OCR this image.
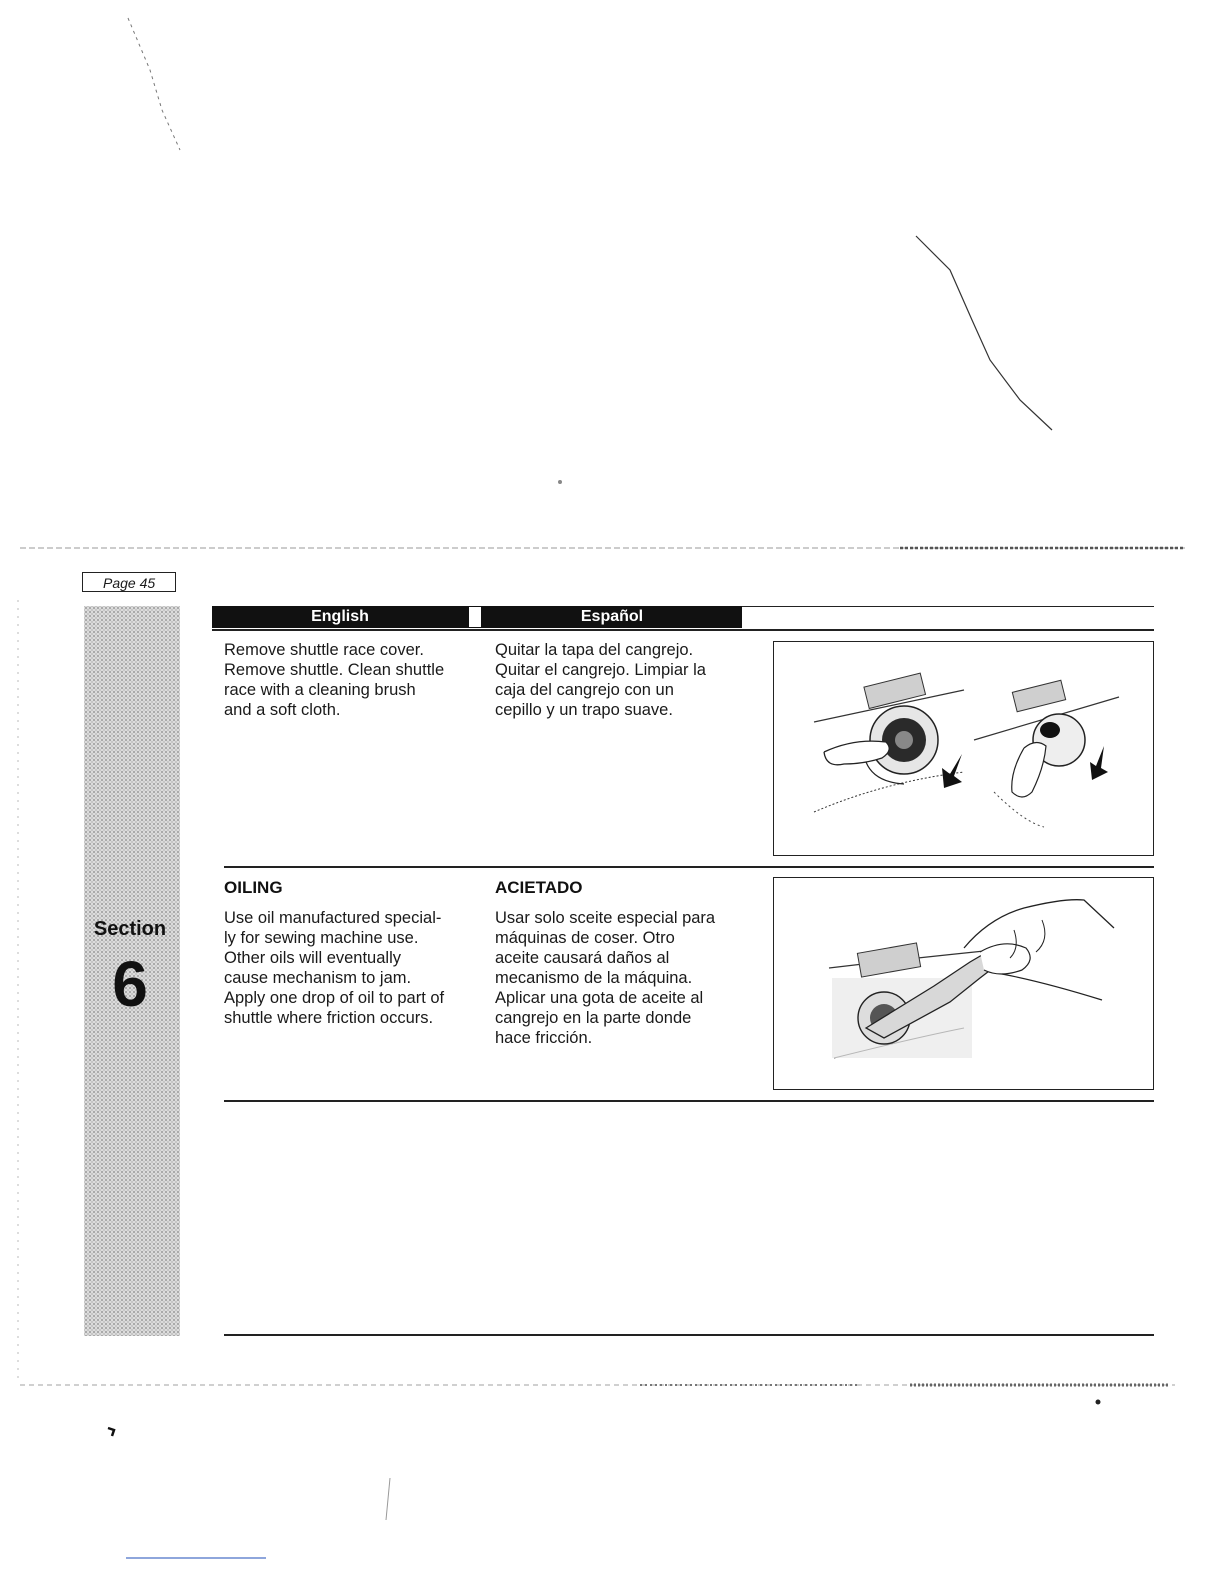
Page 45
Section
6
English	Español
Remove shuttle race cover.
Remove shuttle. Clean shuttle
race with a cleaning brush
and a soft cloth.
Quitar la tapa del cangrejo.
Quitar el cangrejo. Limpiar la
caja del cangrejo con un
cepillo y un trapo suave.
OILING	ACIETADO
Use oil manufactured special-
ly for sewing machine use.
Other oils will eventually
cause mechanism to jam.
Apply one drop of oil to part of
shuttle where friction occurs.
Usar solo sceite especial para
máquinas de coser. Otro
aceite causará daños al
mecanismo de la máquina.
Aplicar una gota de aceite al
cangrejo en la parte donde
hace fricción.
